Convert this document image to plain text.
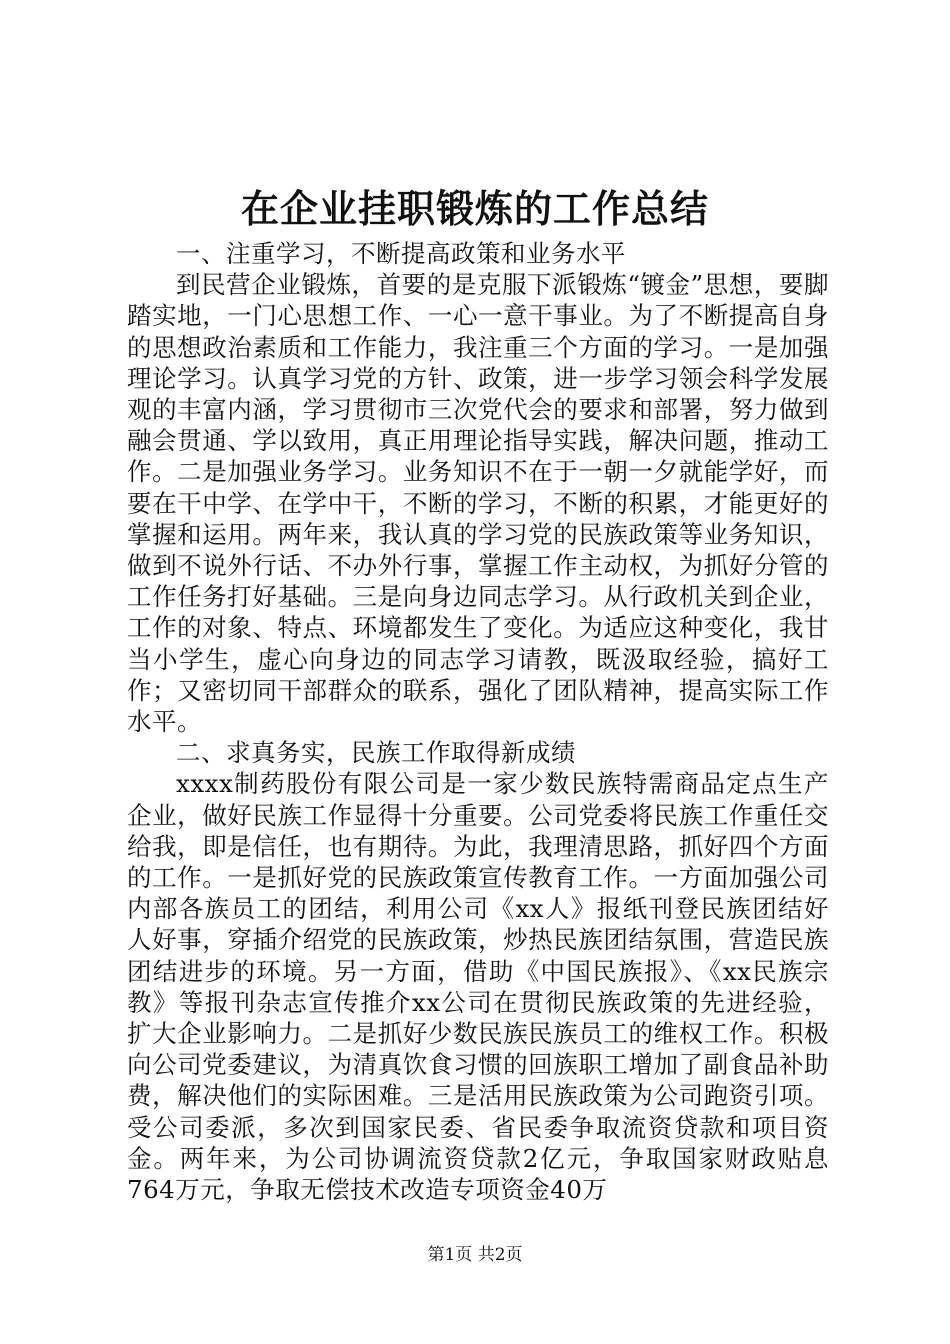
在企业挂职锻炼的工作总结

一、注重学习，不断提高政策和业务水平

到民营企业锻炼，首要的是克服下派锻炼“镀金”思想，要脚踏实地，一门心思想工作、一心一意干事业。为了不断提高自身的思想政治素质和工作能力，我注重三个方面的学习。一是加强理论学习。认真学习党的方针、政策，进一步学习领会科学发展观的丰富内涵，学习贯彻市三次党代会的要求和部署，努力做到融会贯通、学以致用，真正用理论指导实践，解决问题，推动工作。二是加强业务学习。业务知识不在于一朝一夕就能学好，而要在干中学、在学中干，不断的学习，不断的积累，才能更好的掌握和运用。两年来，我认真的学习党的民族政策等业务知识，做到不说外行话、不办外行事，掌握工作主动权，为抓好分管的工作任务打好基础。三是向身边同志学习。从行政机关到企业，工作的对象、特点、环境都发生了变化。为适应这种变化，我甘当小学生，虚心向身边的同志学习请教，既汲取经验，搞好工作；又密切同干部群众的联系，强化了团队精神，提高实际工作水平。

二、求真务实，民族工作取得新成绩

xxxx制药股份有限公司是一家少数民族特需商品定点生产企业，做好民族工作显得十分重要。公司党委将民族工作重任交给我，即是信任，也有期待。为此，我理清思路，抓好四个方面的工作。一是抓好党的民族政策宣传教育工作。一方面加强公司内部各族员工的团结，利用公司《xx人》报纸刊登民族团结好人好事，穿插介绍党的民族政策，炒热民族团结氛围，营造民族团结进步的环境。另一方面，借助《中国民族报》、《xx民族宗教》等报刊杂志宣传推介xx公司在贯彻民族政策的先进经验，扩大企业影响力。二是抓好少数民族民族员工的维权工作。积极向公司党委建议，为清真饮食习惯的回族职工增加了副食品补助费，解决他们的实际困难。三是活用民族政策为公司跑资引项。受公司委派，多次到国家民委、省民委争取流资贷款和项目资金。两年来，为公司协调流资贷款2亿元，争取国家财政贴息764万元，争取无偿技术改造专项资金40万

第1页 共2页
